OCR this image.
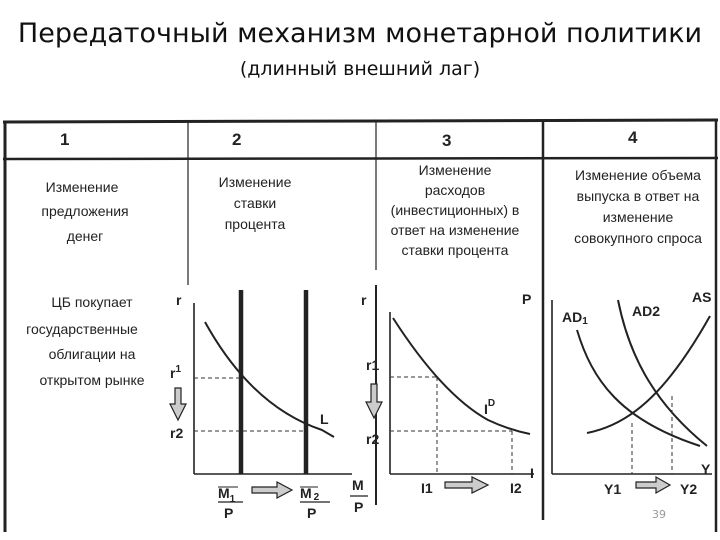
Передаточный механизм монетарной политики
(длинный внешний лаг)
1	2	3	4
Изменение
предложения
денег
Изменение
ставки
процента
Изменение
расходов
(инвестиционных) в
ответ на изменение
ставки процента
Изменение объема
выпуска в ответ на
изменение
совокупного спроса
ЦБ покупает
государственные
облигации на
открытом рынке
r
L
$r^1$
r2
$M_1$
P
M 2
P
M
P
r
$I^D$
r1
r2
I1	I2
I
P
AD1
AD2
AS
Y1	Y2
Y
39
